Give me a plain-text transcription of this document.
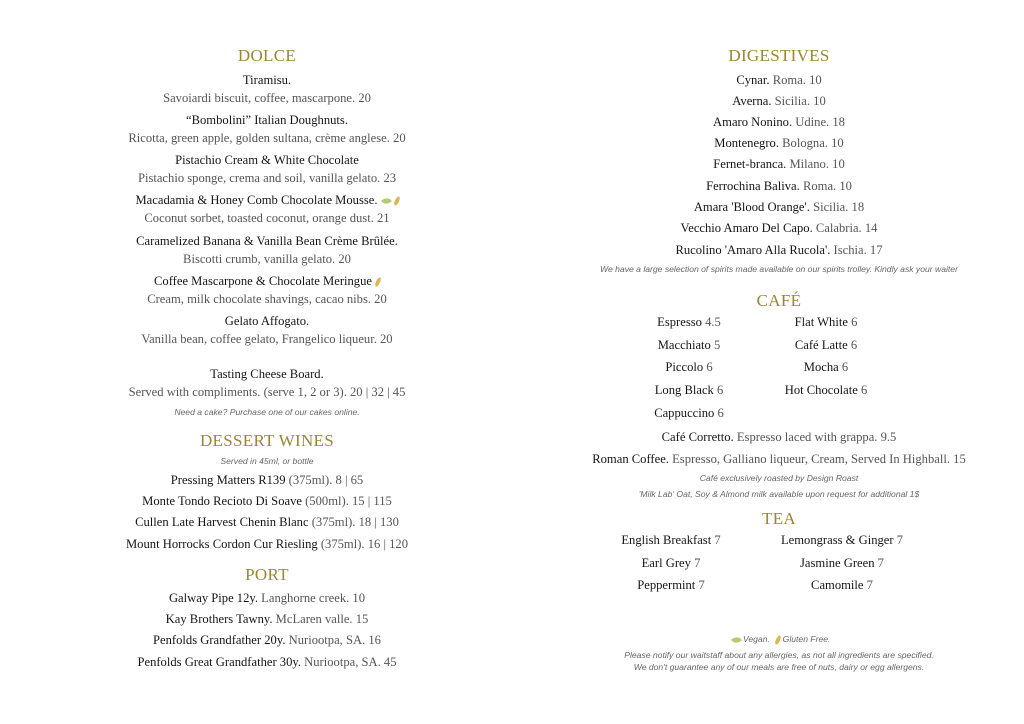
DOLCE
Tiramisu.
Savoiardi biscuit, coffee, mascarpone. 20
“Bombolini” Italian Doughnuts.
Ricotta, green apple, golden sultana, crème anglese. 20
Pistachio Cream & White Chocolate
Pistachio sponge, crema and soil, vanilla gelato. 23
Macadamia & Honey Comb Chocolate Mousse.
Coconut sorbet, toasted coconut, orange dust. 21
Caramelized Banana & Vanilla Bean Crème Brûlée.
Biscotti crumb, vanilla gelato. 20
Coffee Mascarpone & Chocolate Meringue
Cream, milk chocolate shavings, cacao nibs. 20
Gelato Affogato.
Vanilla bean, coffee gelato, Frangelico liqueur. 20
Tasting Cheese Board.
Served with compliments. (serve 1, 2 or 3). 20 | 32 | 45
Need a cake? Purchase one of our cakes online.
DESSERT WINES
Served in 45ml, or bottle
Pressing Matters R139 (375ml). 8 | 65
Monte Tondo Recioto Di Soave (500ml). 15 | 115
Cullen Late Harvest Chenin Blanc (375ml). 18 | 130
Mount Horrocks Cordon Cur Riesling (375ml). 16 | 120
PORT
Galway Pipe 12y. Langhorne creek. 10
Kay Brothers Tawny. McLaren valle. 15
Penfolds Grandfather 20y. Nuriootpa, SA. 16
Penfolds Great Grandfather 30y. Nuriootpa, SA. 45
DIGESTIVES
Cynar. Roma. 10
Averna. Sicilia. 10
Amaro Nonino. Udine. 18
Montenegro. Bologna. 10
Fernet-branca. Milano. 10
Ferrochina Baliva. Roma. 10
Amara 'Blood Orange'. Sicilia. 18
Vecchio Amaro Del Capo. Calabria. 14
Rucolino 'Amaro Alla Rucola'. Ischia. 17
We have a large selection of spirits made available on our spirits trolley. Kindly ask your waiter
CAFÉ
Espresso 4.5
Macchiato 5
Piccolo 6
Long Black 6
Cappuccino 6
Flat White 6
Café Latte 6
Mocha 6
Hot Chocolate 6
Café Corretto. Espresso laced with grappa. 9.5
Roman Coffee. Espresso, Galliano liqueur, Cream, Served In Highball. 15
Café exclusively roasted by Design Roast
'Milk Lab' Oat, Soy & Almond milk available upon request for additional 1$
TEA
English Breakfast 7
Earl Grey 7
Peppermint 7
Lemongrass & Ginger 7
Jasmine Green 7
Camomile 7
Vegan. Gluten Free.
Please notify our waitstaff about any allergies, as not all ingredients are specified.
We don't guarantee any of our meals are free of nuts, dairy or egg allergens.
